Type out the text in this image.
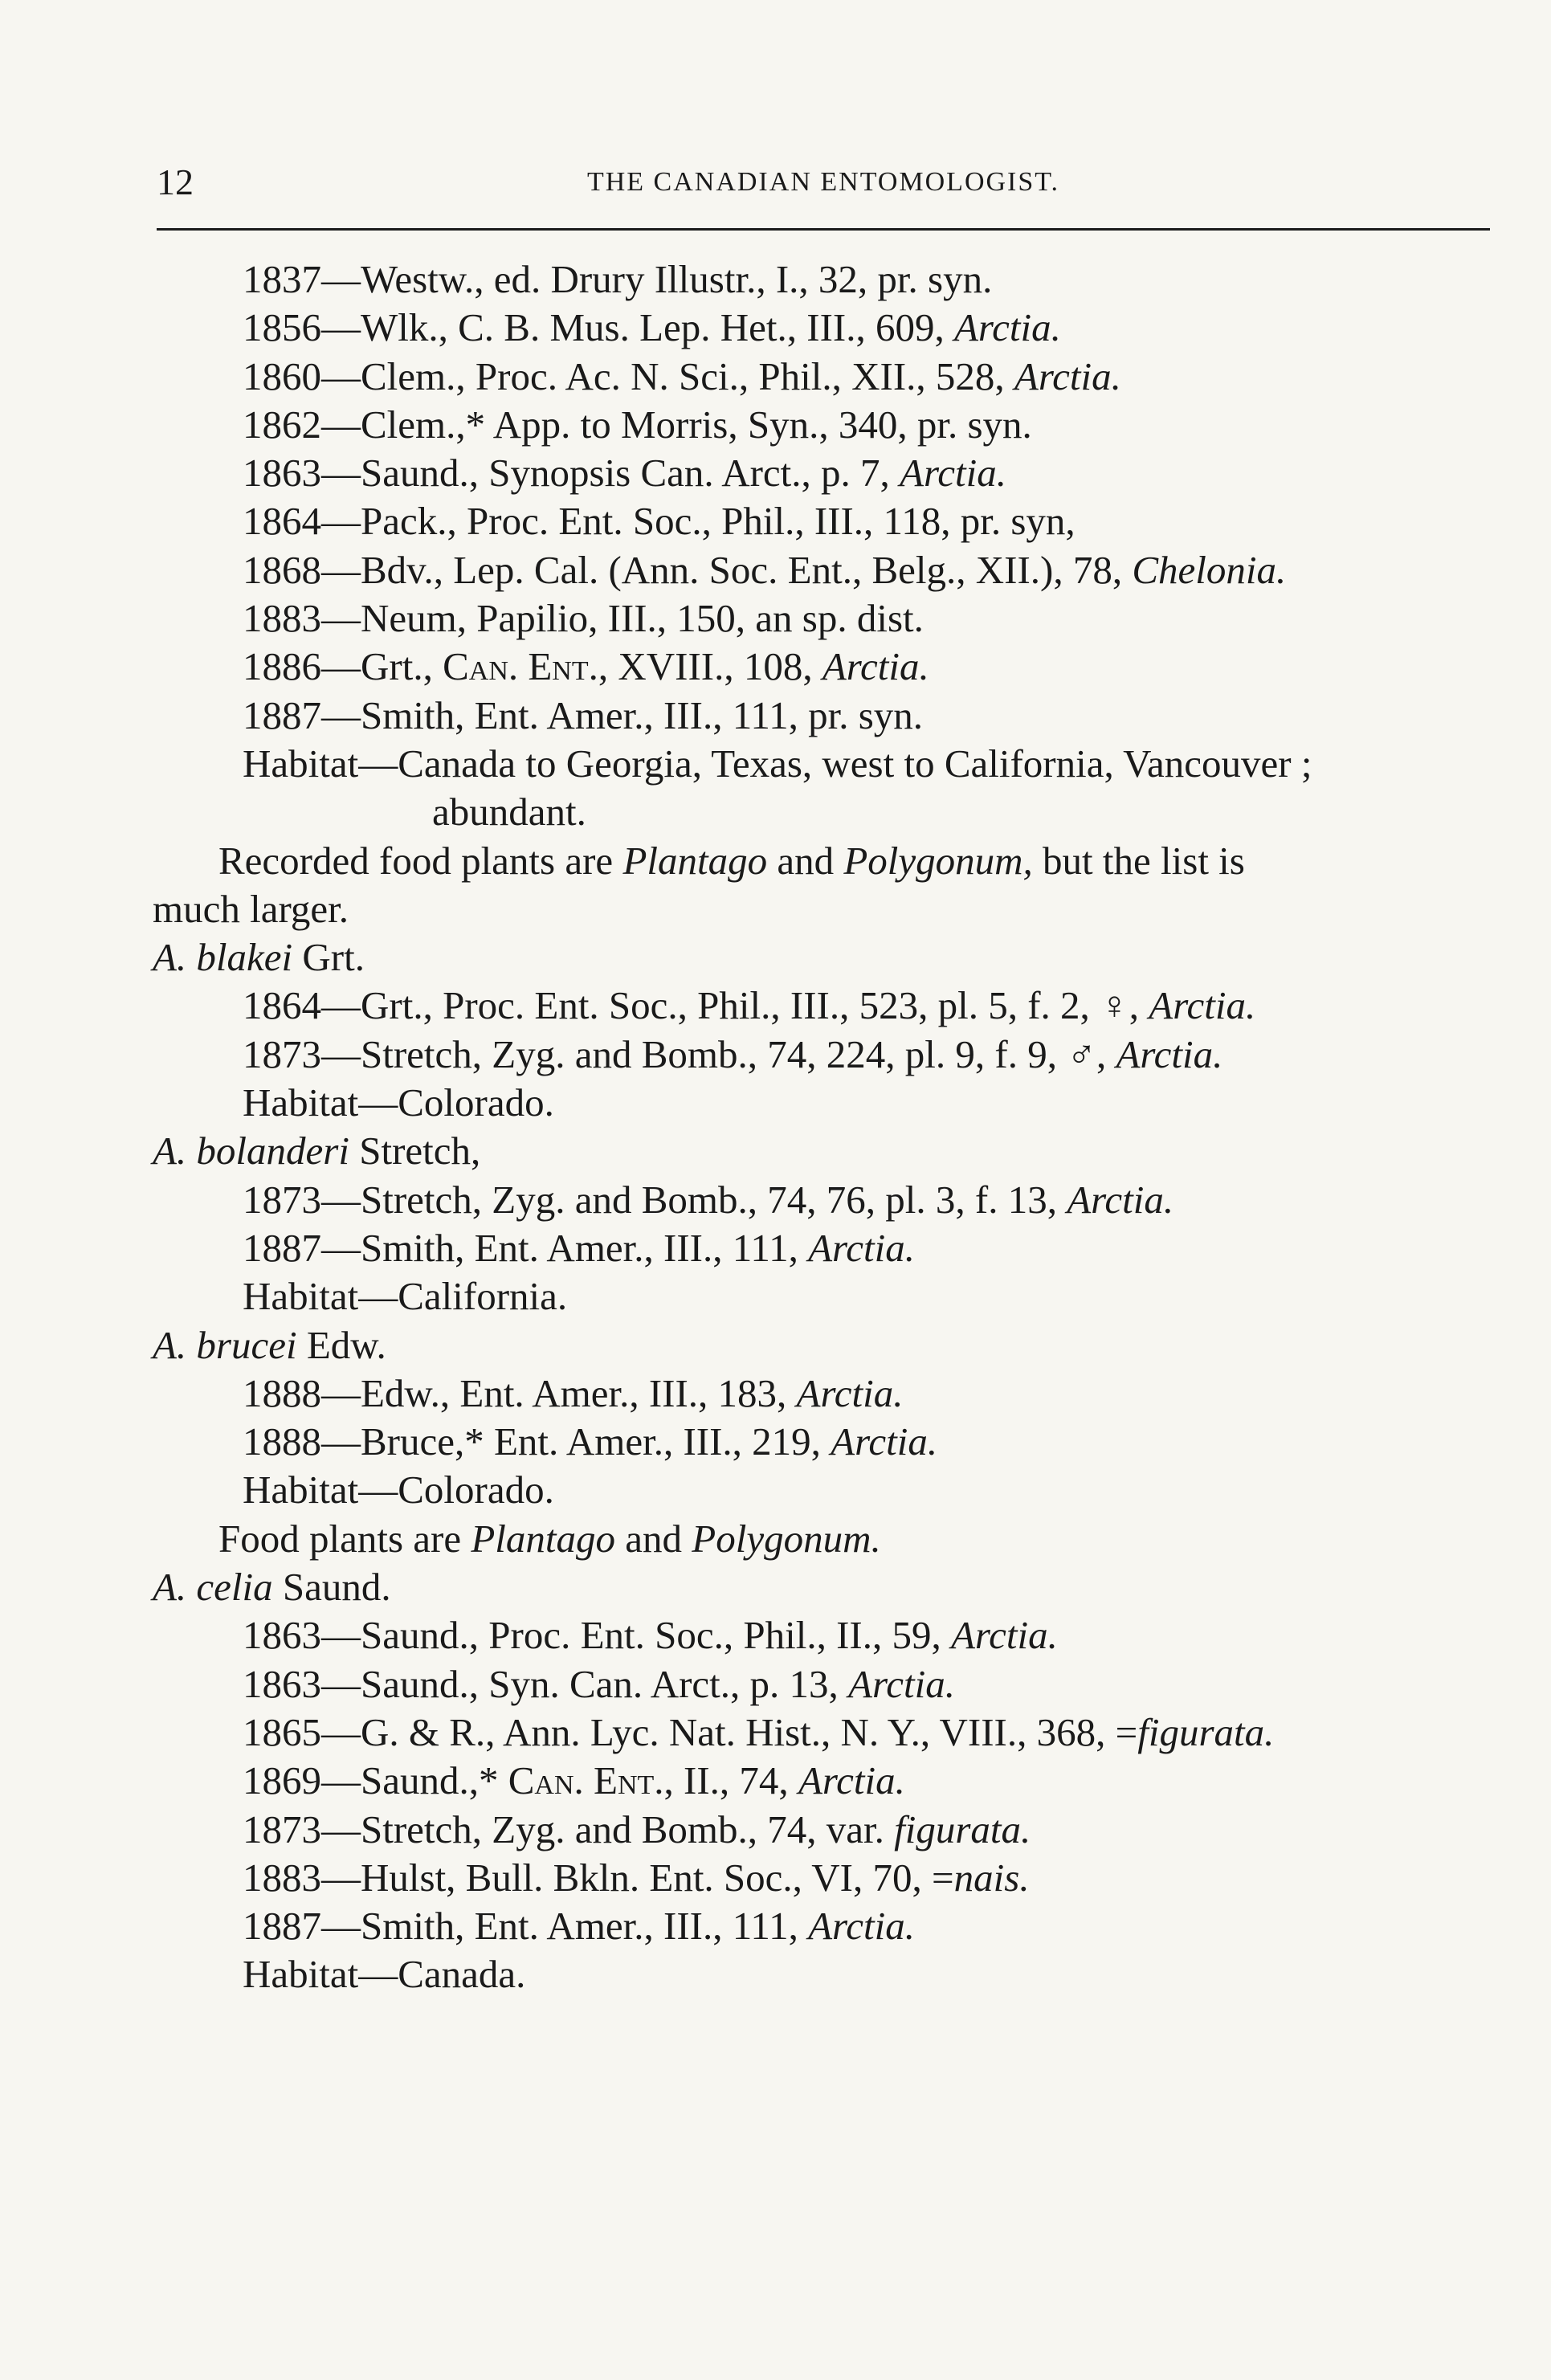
12	THE CANADIAN ENTOMOLOGIST.
1837—Westw., ed. Drury Illustr., I., 32, pr. syn.
1856—Wlk., C. B. Mus. Lep. Het., III., 609, Arctia.
1860—Clem., Proc. Ac. N. Sci., Phil., XII., 528, Arctia.
1862—Clem.,* App. to Morris, Syn., 340, pr. syn.
1863—Saund., Synopsis Can. Arct., p. 7, Arctia.
1864—Pack., Proc. Ent. Soc., Phil., III., 118, pr. syn,
1868—Bdv., Lep. Cal. (Ann. Soc. Ent., Belg., XII.), 78, Chelonia.
1883—Neum, Papilio, III., 150, an sp. dist.
1886—Grt., Can. Ent., XVIII., 108, Arctia.
1887—Smith, Ent. Amer., III., 111, pr. syn.
Habitat—Canada to Georgia, Texas, west to California, Vancouver ;
abundant.
Recorded food plants are Plantago and Polygonum, but the list is
much larger.
A. blakei Grt.
1864—Grt., Proc. Ent. Soc., Phil., III., 523, pl. 5, f. 2, ♀, Arctia.
1873—Stretch, Zyg. and Bomb., 74, 224, pl. 9, f. 9, ♂, Arctia.
Habitat—Colorado.
A. bolanderi Stretch,
1873—Stretch, Zyg. and Bomb., 74, 76, pl. 3, f. 13, Arctia.
1887—Smith, Ent. Amer., III., 111, Arctia.
Habitat—California.
A. brucei Edw.
1888—Edw., Ent. Amer., III., 183, Arctia.
1888—Bruce,* Ent. Amer., III., 219, Arctia.
Habitat—Colorado.
Food plants are Plantago and Polygonum.
A. celia Saund.
1863—Saund., Proc. Ent. Soc., Phil., II., 59, Arctia.
1863—Saund., Syn. Can. Arct., p. 13, Arctia.
1865—G. & R., Ann. Lyc. Nat. Hist., N. Y., VIII., 368, =figurata.
1869—Saund.,* Can. Ent., II., 74, Arctia.
1873—Stretch, Zyg. and Bomb., 74, var. figurata.
1883—Hulst, Bull. Bkln. Ent. Soc., VI, 70, =nais.
1887—Smith, Ent. Amer., III., 111, Arctia.
Habitat—Canada.
